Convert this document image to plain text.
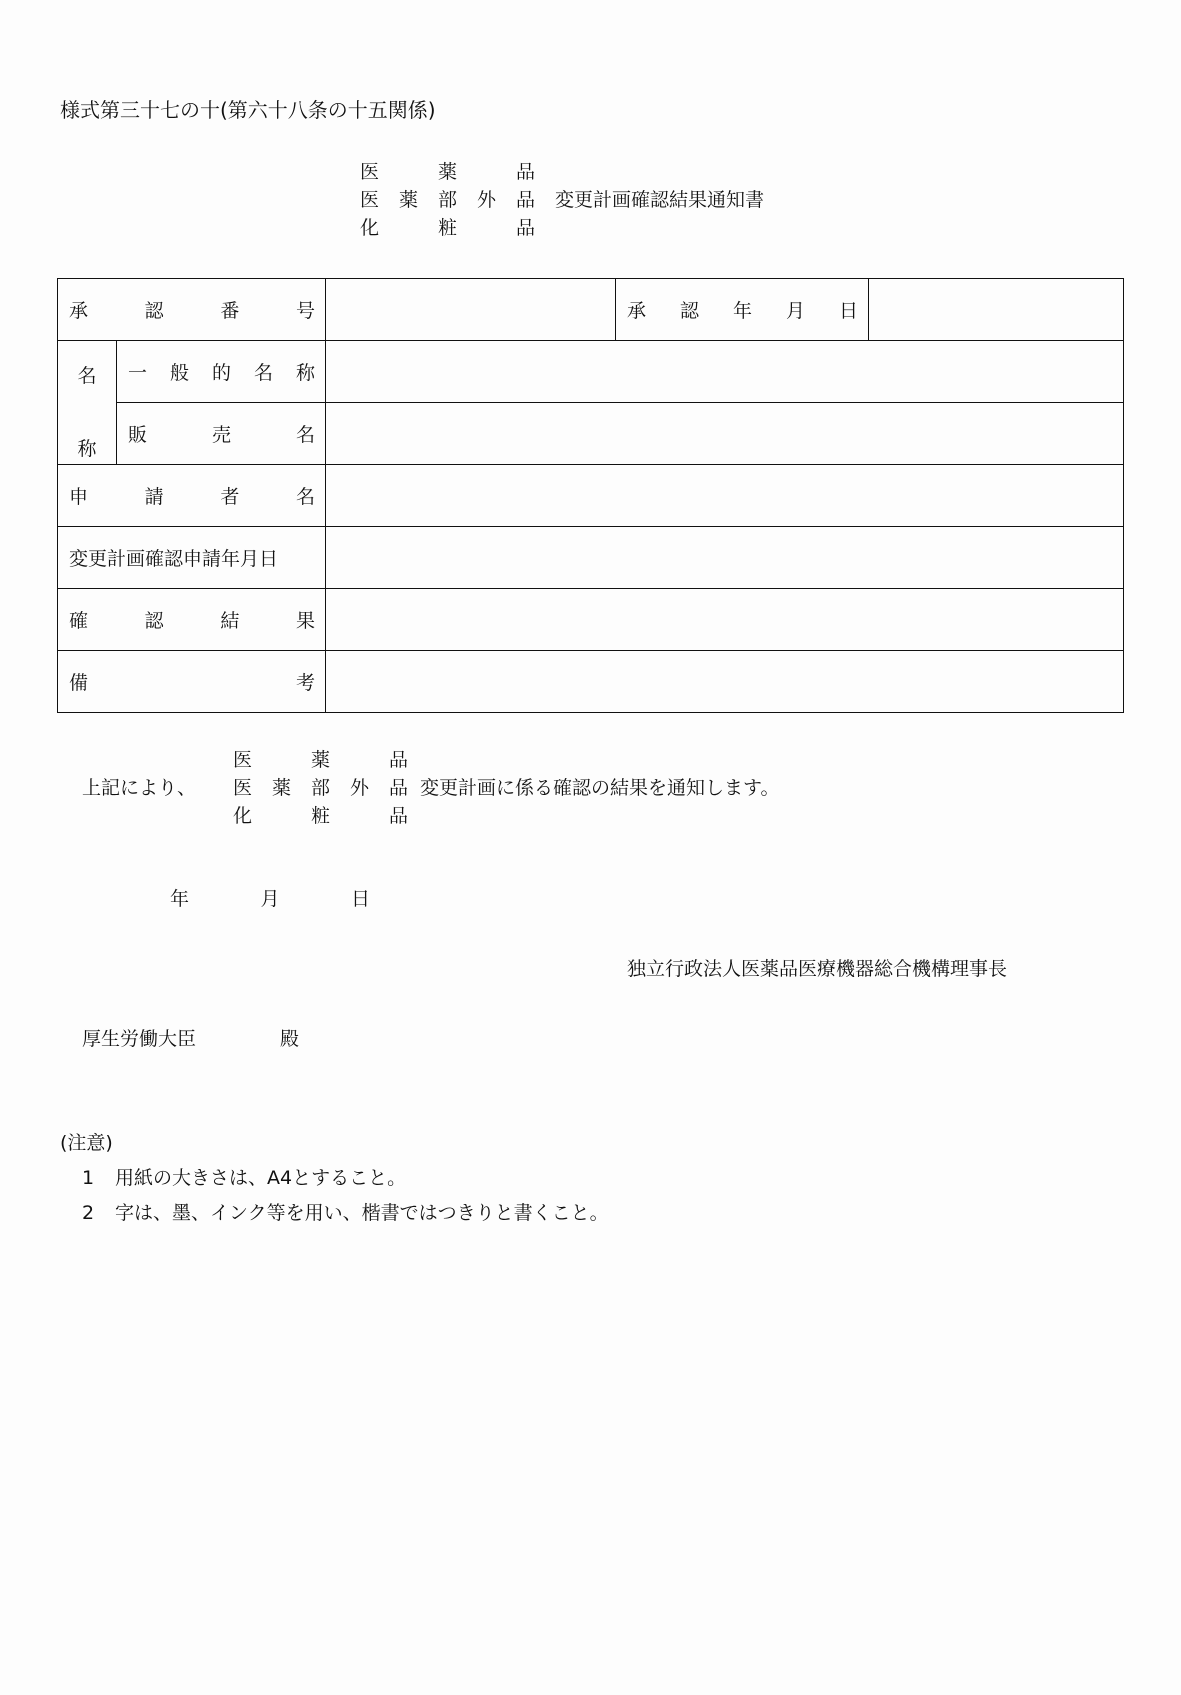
様式第三十七の十(第六十八条の十五関係)
医	薬	品
医 薬 部 外 品
化	粧	品
変更計画確認結果通知書
承 認 番 号			承 認 年 月 日	

名
称	一 般 的 名 称			

	販 売 名			

申 請 者 名				

変更計画確認申請年月日				

確 認 結 果				

備 考				

上記により、
医	薬	品
医 薬 部 外 品
化	粧	品
変更計画に係る確認の結果を通知します。
年	月	日
独立行政法人医薬品医療機器総合機構理事長
厚生労働大臣	殿
(注意)
1 用紙の大きさは、A4とすること。
2 字は、墨、インク等を用い、楷書ではつきりと書くこと。
